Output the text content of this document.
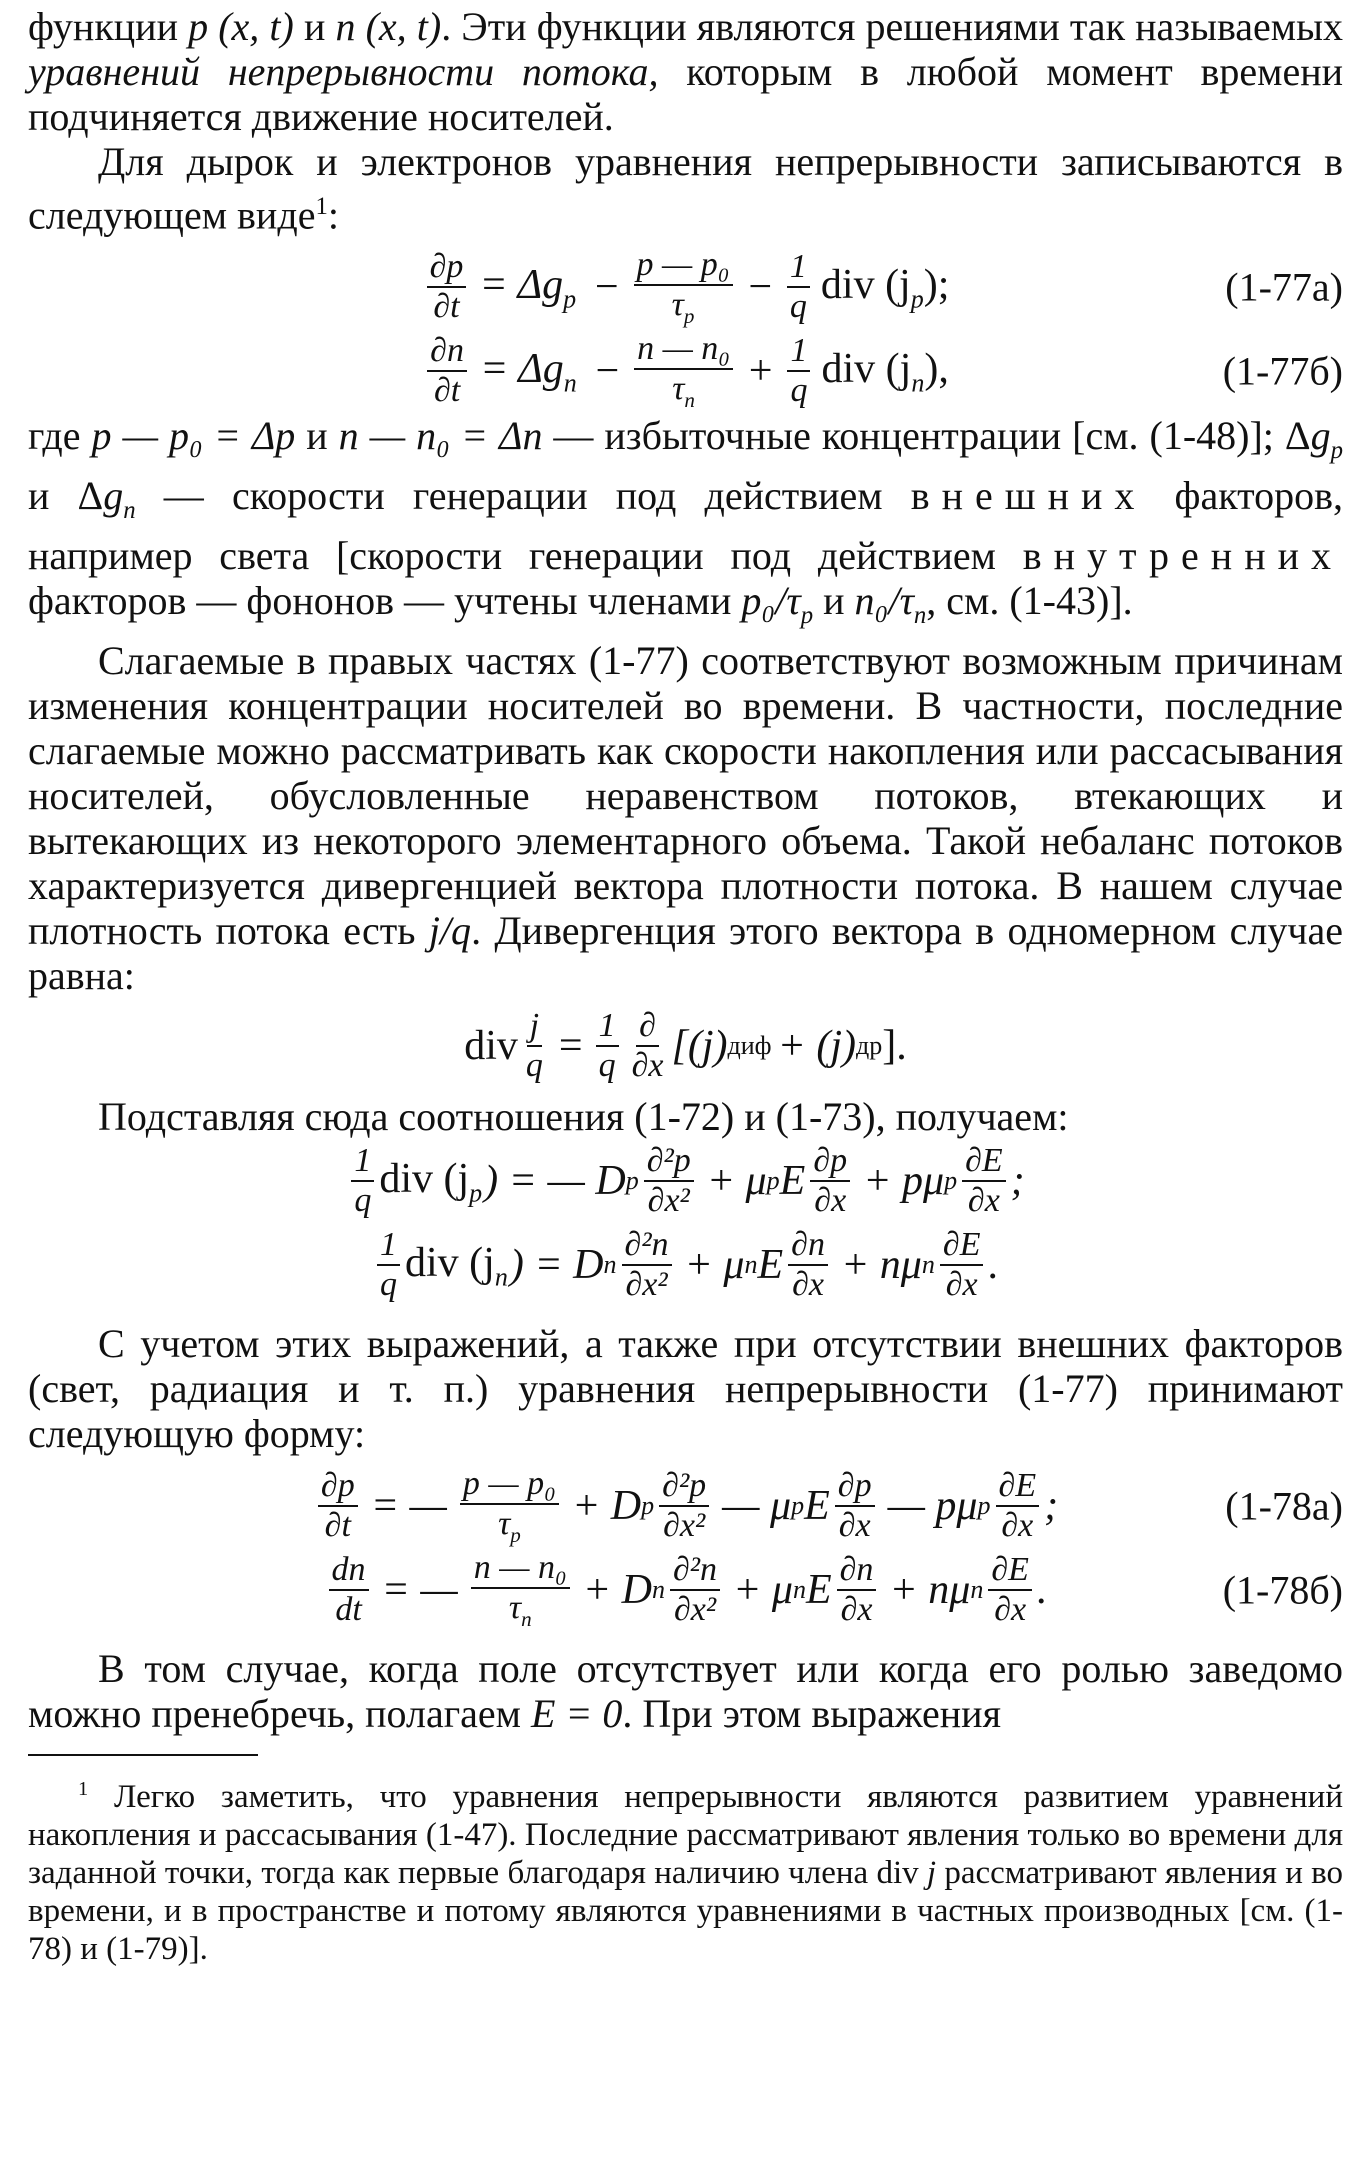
функции p (x, t) и n (x, t). Эти функции являются решениями так называемых уравнений непрерывности потока, которым в любой момент времени подчиняется движение носителей.

Для дырок и электронов уравнения непрерывности записываются в следующем виде$^1$:

$\frac{\partial p}{\partial t} = \Delta g_p - \frac{\text{p — p₀}}{\tau_p} - \frac{1}{q}$ div $(j_p)$;	(1-77а)
$\frac{\partial n}{\partial t} = \Delta g_n - \frac{\text{n — n₀}}{\tau_n} + \frac{1}{q}$ div $(j_n)$,	(1-77б)

где p — p₀ = Δp и n — n₀ = Δn — избыточные концентрации [см. (1-48)]; $\Delta g_p$ и $\Delta g_n$ — скорости генерации под действием внешних факторов, например света [скорости генерации под действием внутренних факторов — фононов — учтены членами $p_0/\tau_p$ и $n_0/\tau_n$, см. (1-43)].

Слагаемые в правых частях (1-77) соответствуют возможным причинам изменения концентрации носителей во времени. В частности, последние слагаемые можно рассматривать как скорости накопления или рассасывания носителей, обусловленные неравенством потоков, втекающих и вытекающих из некоторого элементарного объема. Такой небаланс потоков характеризуется дивергенцией вектора плотности потока. В нашем случае плотность потока есть j/q. Дивергенция этого вектора в одномерном случае равна:

div $\frac{j}{q} = \frac{1}{q} \frac{\partial}{\partial x} [(j)$ диф + (j) др ].

Подставляя сюда соотношения (1-72) и (1-73), получаем:

$\frac{1}{q}$ div ($j_p$ ) = — D p $\frac{\text{∂²p}}{\text{∂x²}} + \mu$ p E $\frac{\partial p}{\partial x} + p\mu$ p $\frac{\partial E}{\partial x}$ ;
$\frac{1}{q}$ div ($j_n$ ) = D n $\frac{\text{∂²n}}{\text{∂x²}} + \mu$ n E $\frac{\partial n}{\partial x} + n\mu$ n $\frac{\partial E}{\partial x}$ .

С учетом этих выражений, а также при отсутствии внешних факторов (свет, радиация и т. п.) уравнения непрерывности (1-77) принимают следующую форму:

$\frac{\partial p}{\partial t}$ = — $\frac{\text{p — p₀}}{\tau_p} + D$ p $\frac{\text{∂²p}}{\text{∂x²}}$ — μ p E $\frac{\partial p}{\partial x}$ — pμ p $\frac{\partial E}{\partial x}$ ;	(1-78а)
$\frac{dn}{dt}$ = — $\frac{\text{n — n₀}}{\tau_n} + D$ n $\frac{\text{∂²n}}{\text{∂x²}} + \mu$ n E $\frac{\partial n}{\partial x} + n\mu$ n $\frac{\partial E}{\partial x}$ .	(1-78б)

В том случае, когда поле отсутствует или когда его ролью заведомо можно пренебречь, полагаем E = 0. При этом выражения

$^1$ Легко заметить, что уравнения непрерывности являются развитием уравнений накопления и рассасывания (1-47). Последние рассматривают явления только во времени для заданной точки, тогда как первые благодаря наличию члена div j рассматривают явления и во времени, и в пространстве и потому являются уравнениями в частных производных [см. (1-78) и (1-79)].
